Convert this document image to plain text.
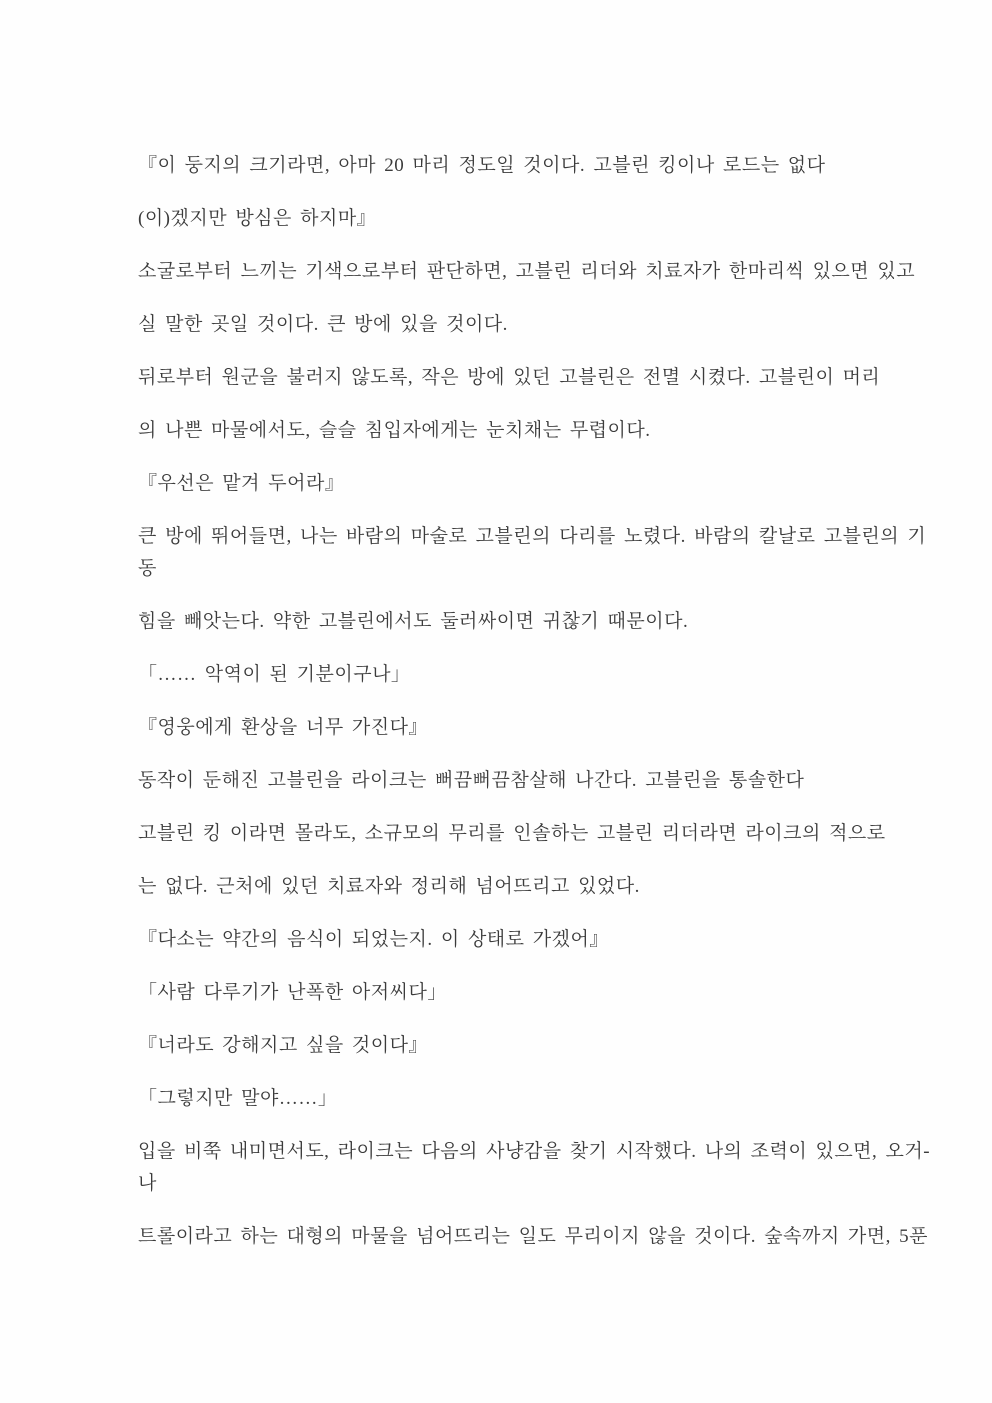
『이 둥지의 크기라면, 아마 20 마리 정도일 것이다. 고블린 킹이나 로드는 없다
(이)겠지만 방심은 하지마』
소굴로부터 느끼는 기색으로부터 판단하면, 고블린 리더와 치료자가 한마리씩 있으면 있고
실 말한 곳일 것이다. 큰 방에 있을 것이다.
뒤로부터 원군을 불러지 않도록, 작은 방에 있던 고블린은 전멸 시켰다. 고블린이 머리
의 나쁜 마물에서도, 슬슬 침입자에게는 눈치채는 무렵이다.
『우선은 맡겨 두어라』
큰 방에 뛰어들면, 나는 바람의 마술로 고블린의 다리를 노렸다. 바람의 칼날로 고블린의 기
동
힘을 빼앗는다. 약한 고블린에서도 둘러싸이면 귀찮기 때문이다.
「…… 악역이 된 기분이구나」
『영웅에게 환상을 너무 가진다』
동작이 둔해진 고블린을 라이크는 뻐끔뻐끔참살해 나간다. 고블린을 통솔한다
고블린 킹 이라면 몰라도, 소규모의 무리를 인솔하는 고블린 리더라면 라이크의 적으로
는 없다. 근처에 있던 치료자와 정리해 넘어뜨리고 있었다.
『다소는 약간의 음식이 되었는지. 이 상태로 가겠어』
「사람 다루기가 난폭한 아저씨다」
『너라도 강해지고 싶을 것이다』
「그렇지만 말야……」
입을 비쭉 내미면서도, 라이크는 다음의 사냥감을 찾기 시작했다. 나의 조력이 있으면, 오거-
나
트롤이라고 하는 대형의 마물을 넘어뜨리는 일도 무리이지 않을 것이다. 숲속까지 가면, 5푼
